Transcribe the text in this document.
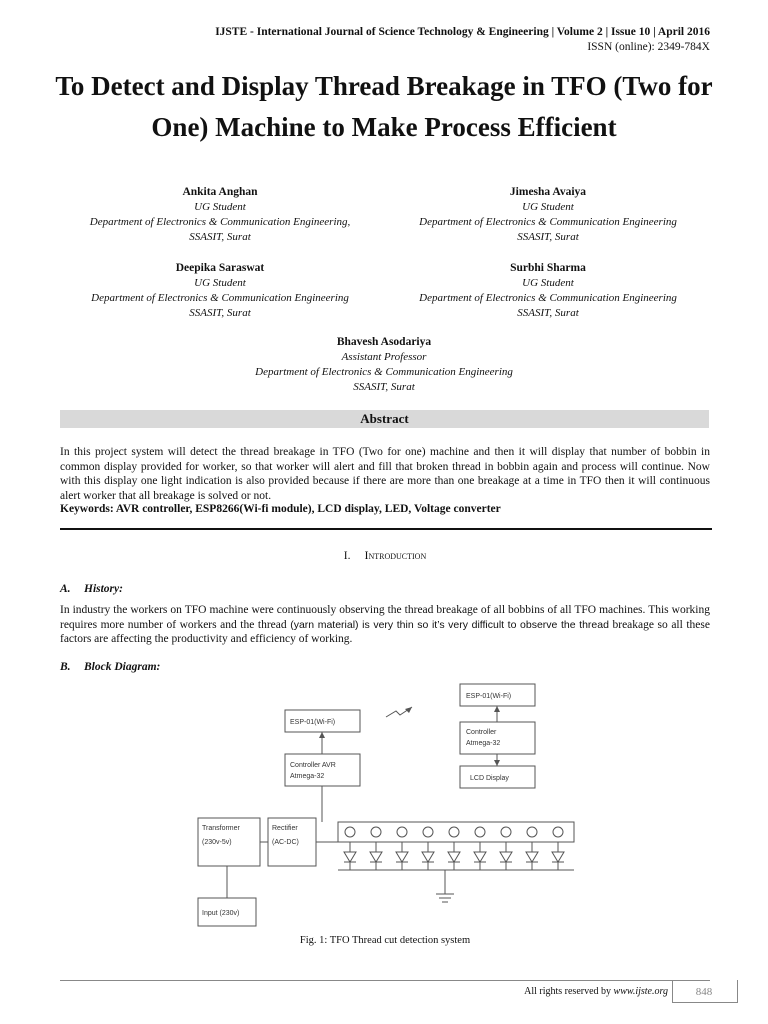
IJSTE - International Journal of Science Technology & Engineering | Volume 2 | Issue 10 | April 2016
ISSN (online): 2349-784X
To Detect and Display Thread Breakage in TFO (Two for One) Machine to Make Process Efficient
Ankita Anghan
UG Student
Department of Electronics & Communication Engineering,
SSASIT, Surat
Jimesha Avaiya
UG Student
Department of Electronics & Communication Engineering
SSASIT, Surat
Deepika Saraswat
UG Student
Department of Electronics & Communication Engineering
SSASIT, Surat
Surbhi Sharma
UG Student
Department of Electronics & Communication Engineering
SSASIT, Surat
Bhavesh Asodariya
Assistant Professor
Department of Electronics & Communication Engineering
SSASIT, Surat
Abstract
In this project system will detect the thread breakage in TFO (Two for one) machine and then it will display that number of bobbin in common display provided for worker, so that worker will alert and fill that broken thread in bobbin again and process will continue. Now with this display one light indication is also provided because if there are more than one breakage at a time in TFO then it will continuous alert worker that all breakage is solved or not.
Keywords: AVR controller, ESP8266(Wi-fi module), LCD display, LED, Voltage converter
I. Introduction
A. History:
In industry the workers on TFO machine were continuously observing the thread breakage of all bobbins of all TFO machines. This working requires more number of workers and the thread (yarn material) is very thin so it’s very difficult to observe the thread breakage so all these factors are affecting the productivity and efficiency of working.
B. Block Diagram:
ESP-01(Wi-Fi)
Controller
Atmega-32
LCD Display
ESP-01(Wi-Fi)
Controller AVR
Atmega-32
Transformer
(230v-5v)
Rectifier
(AC-DC)
Input (230v)
Fig. 1: TFO Thread cut detection system
All rights reserved by www.ijste.org	848
